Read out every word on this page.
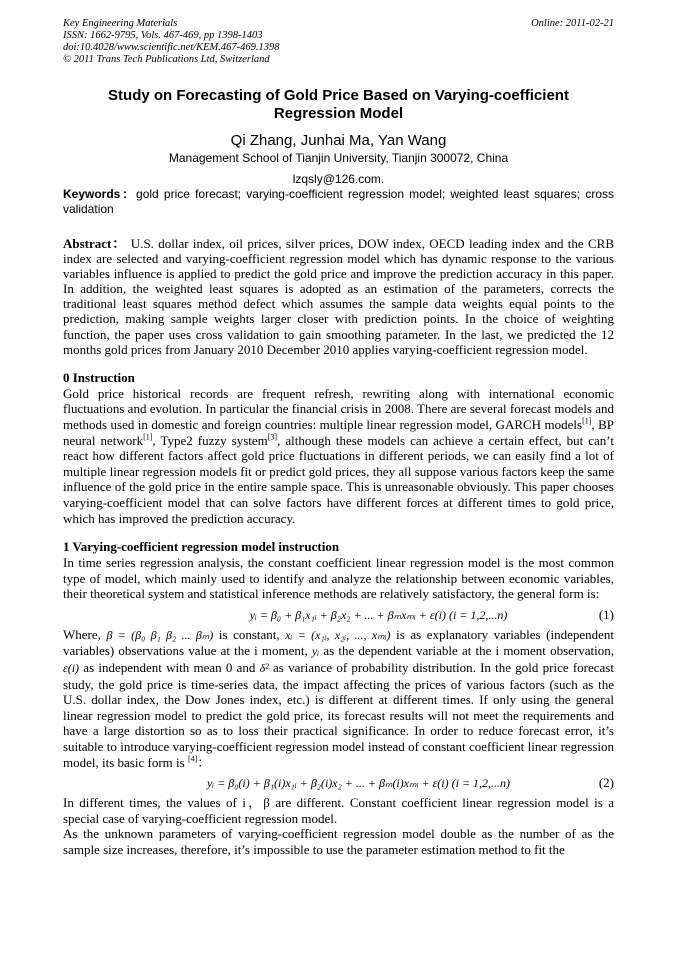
Key Engineering Materials
ISSN: 1662-9795, Vols. 467-469, pp 1398-1403
doi:10.4028/www.scientific.net/KEM.467-469.1398
© 2011 Trans Tech Publications Ltd, Switzerland
Online: 2011-02-21
Study on Forecasting of Gold Price Based on Varying-coefficient Regression Model
Qi Zhang, Junhai Ma, Yan Wang
Management School of Tianjin University, Tianjin 300072, China
lzqsly@126.com.
Keywords：gold price forecast; varying-coefficient regression model; weighted least squares; cross validation
Abstract： U.S. dollar index, oil prices, silver prices, DOW index, OECD leading index and the CRB index are selected and varying-coefficient regression model which has dynamic response to the various variables influence is applied to predict the gold price and improve the prediction accuracy in this paper. In addition, the weighted least squares is adopted as an estimation of the parameters, corrects the traditional least squares method defect which assumes the sample data weights equal points to the prediction, making sample weights larger closer with prediction points. In the choice of weighting function, the paper uses cross validation to gain smoothing parameter. In the last, we predicted the 12 months gold prices from January 2010 December 2010 applies varying-coefficient regression model.
0 Instruction

Gold price historical records are frequent refresh, rewriting along with international economic fluctuations and evolution. In particular the financial crisis in 2008. There are several forecast models and methods used in domestic and foreign countries: multiple linear regression model, GARCH models[1], BP neural network[1], Type2 fuzzy system[3], although these models can achieve a certain effect, but can’t react how different factors affect gold price fluctuations in different periods, we can easily find a lot of multiple linear regression models fit or predict gold prices, they all suppose various factors keep the same influence of the gold price in the entire sample space. This is unreasonable obviously. This paper chooses varying-coefficient model that can solve factors have different forces at different times to gold price, which has improved the prediction accuracy.

1 Varying-coefficient regression model instruction

In time series regression analysis, the constant coefficient linear regression model is the most common type of model, which mainly used to identify and analyze the relationship between economic variables, their theoretical system and statistical inference methods are relatively satisfactory, the general form is:

yᵢ = β₀ + β₁x₁ᵢ + β₂x₂ + ... + βₘxₘᵢ + ε(i) (i = 1,2,...n)	(1)

Where, β = (β₀ β₁ β₂ ... βₘ) is constant, xᵢ = (x₁ᵢ, x₂ᵢ, ..., xₘᵢ) is as explanatory variables (independent variables) observations value at the i moment, yᵢ as the dependent variable at the i moment observation, ε(i) as independent with mean 0 and δ² as variance of probability distribution. In the gold price forecast study, the gold price is time-series data, the impact affecting the prices of various factors (such as the U.S. dollar index, the Dow Jones index, etc.) is different at different times. If only using the general linear regression model to predict the gold price, its forecast results will not meet the requirements and have a large distortion so as to loss their practical significance. In order to reduce forecast error, it’s suitable to introduce varying-coefficient regression model instead of constant coefficient linear regression model, its basic form is [4]：

yᵢ = β₀(i) + β₁(i)x₁ᵢ + β₂(i)x₂ + ... + βₘ(i)xₘᵢ + ε(i) (i = 1,2,...n)	(2)

In different times, the values of i，β are different. Constant coefficient linear regression model is a special case of varying-coefficient regression model.

As the unknown parameters of varying-coefficient regression model double as the number of as the sample size increases, therefore, it’s impossible to use the parameter estimation method to fit the
